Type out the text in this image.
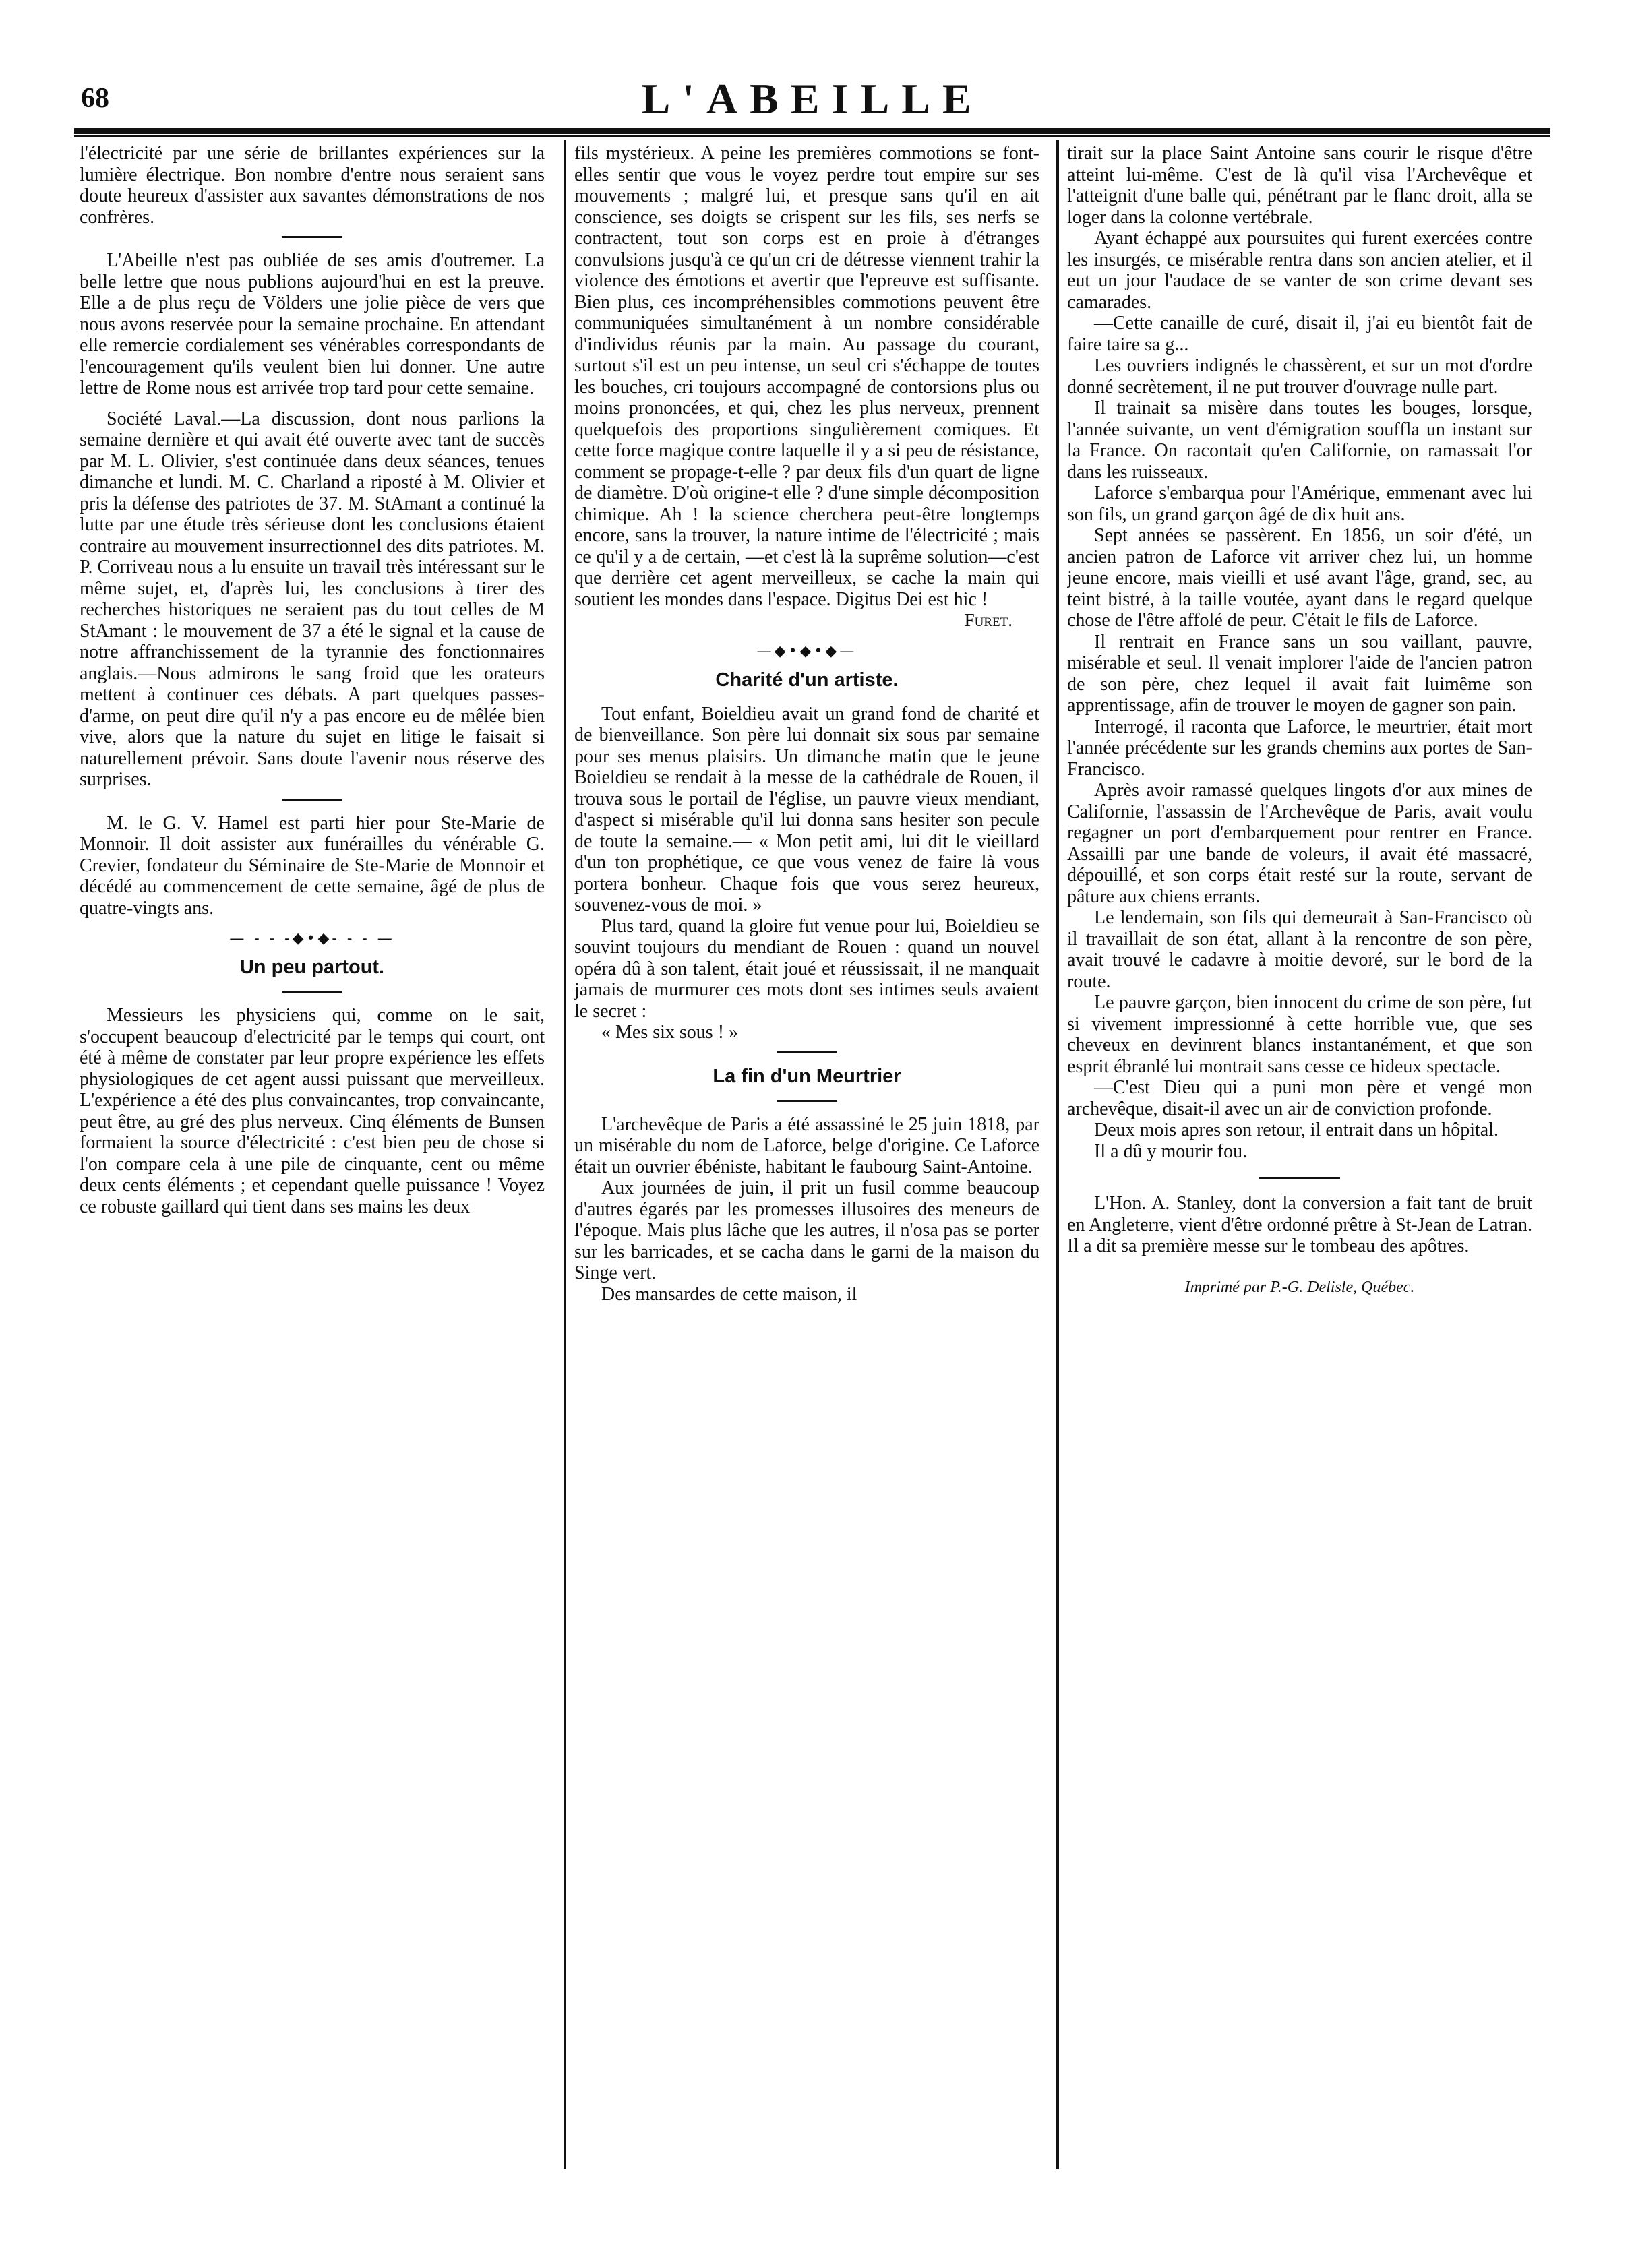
68	L'ABEILLE

l'électricité par une série de brillantes expériences sur la lumière électrique. Bon nombre d'entre nous seraient sans doute heureux d'assister aux savantes démonstrations de nos confrères.

L'Abeille n'est pas oubliée de ses amis d'outremer. La belle lettre que nous publions aujourd'hui en est la preuve. Elle a de plus reçu de Völders une jolie pièce de vers que nous avons reservée pour la semaine prochaine. En attendant elle remercie cordialement ses vénérables correspondants de l'encouragement qu'ils veulent bien lui donner. Une autre lettre de Rome nous est arrivée trop tard pour cette semaine.

Société Laval.—La discussion, dont nous parlions la semaine dernière et qui avait été ouverte avec tant de succès par M. L. Olivier, s'est continuée dans deux séances, tenues dimanche et lundi. M. C. Charland a riposté à M. Olivier et pris la défense des patriotes de 37. M. StAmant a continué la lutte par une étude très sérieuse dont les conclusions étaient contraire au mouvement insurrectionnel des dits patriotes. M. P. Corriveau nous a lu ensuite un travail très intéressant sur le même sujet, et, d'après lui, les conclusions à tirer des recherches historiques ne seraient pas du tout celles de M StAmant : le mouvement de 37 a été le signal et la cause de notre affranchissement de la tyrannie des fonctionnaires anglais.—Nous admirons le sang froid que les orateurs mettent à continuer ces débats. A part quelques passes-d'arme, on peut dire qu'il n'y a pas encore eu de mêlée bien vive, alors que la nature du sujet en litige le faisait si naturellement prévoir. Sans doute l'avenir nous réserve des surprises.

M. le G. V. Hamel est parti hier pour Ste-Marie de Monnoir. Il doit assister aux funérailles du vénérable G. Crevier, fondateur du Séminaire de Ste-Marie de Monnoir et décédé au commencement de cette semaine, âgé de plus de quatre-vingts ans.

— - - -◆•◆- - - —
Un peu partout.

Messieurs les physiciens qui, comme on le sait, s'occupent beaucoup d'electricité par le temps qui court, ont été à même de constater par leur propre expérience les effets physiologiques de cet agent aussi puissant que merveilleux. L'expérience a été des plus convaincantes, trop convaincante, peut être, au gré des plus nerveux. Cinq éléments de Bunsen formaient la source d'électricité : c'est bien peu de chose si l'on compare cela à une pile de cinquante, cent ou même deux cents éléments ; et cependant quelle puissance ! Voyez ce robuste gaillard qui tient dans ses mains les deux

fils mystérieux. A peine les premières commotions se font-elles sentir que vous le voyez perdre tout empire sur ses mouvements ; malgré lui, et presque sans qu'il en ait conscience, ses doigts se crispent sur les fils, ses nerfs se contractent, tout son corps est en proie à d'étranges convulsions jusqu'à ce qu'un cri de détresse viennent trahir la violence des émotions et avertir que l'epreuve est suffisante. Bien plus, ces incompréhensibles commotions peuvent être communiquées simultanément à un nombre considérable d'individus réunis par la main. Au passage du courant, surtout s'il est un peu intense, un seul cri s'échappe de toutes les bouches, cri toujours accompagné de contorsions plus ou moins prononcées, et qui, chez les plus nerveux, prennent quelquefois des proportions singulièrement comiques. Et cette force magique contre laquelle il y a si peu de résistance, comment se propage-t-elle ? par deux fils d'un quart de ligne de diamètre. D'où origine-t elle ? d'une simple décomposition chimique. Ah ! la science cherchera peut-être longtemps encore, sans la trouver, la nature intime de l'électricité ; mais ce qu'il y a de certain, —et c'est là la suprême solution—c'est que derrière cet agent merveilleux, se cache la main qui soutient les mondes dans l'espace. Digitus Dei est hic !

Furet.

—◆•◆•◆—
Charité d'un artiste.

Tout enfant, Boieldieu avait un grand fond de charité et de bienveillance. Son père lui donnait six sous par semaine pour ses menus plaisirs. Un dimanche matin que le jeune Boieldieu se rendait à la messe de la cathédrale de Rouen, il trouva sous le portail de l'église, un pauvre vieux mendiant, d'aspect si misérable qu'il lui donna sans hesiter son pecule de toute la semaine.— « Mon petit ami, lui dit le vieillard d'un ton prophétique, ce que vous venez de faire là vous portera bonheur. Chaque fois que vous serez heureux, souvenez-vous de moi. »

Plus tard, quand la gloire fut venue pour lui, Boieldieu se souvint toujours du mendiant de Rouen : quand un nouvel opéra dû à son talent, était joué et réussissait, il ne manquait jamais de murmurer ces mots dont ses intimes seuls avaient le secret :

« Mes six sous ! »

La fin d'un Meurtrier

L'archevêque de Paris a été assassiné le 25 juin 1818, par un misérable du nom de Laforce, belge d'origine. Ce Laforce était un ouvrier ébéniste, habitant le faubourg Saint-Antoine.

Aux journées de juin, il prit un fusil comme beaucoup d'autres égarés par les promesses illusoires des meneurs de l'époque. Mais plus lâche que les autres, il n'osa pas se porter sur les barricades, et se cacha dans le garni de la maison du Singe vert.

Des mansardes de cette maison, il

tirait sur la place Saint Antoine sans courir le risque d'être atteint lui-même. C'est de là qu'il visa l'Archevêque et l'atteignit d'une balle qui, pénétrant par le flanc droit, alla se loger dans la colonne vertébrale.

Ayant échappé aux poursuites qui furent exercées contre les insurgés, ce misérable rentra dans son ancien atelier, et il eut un jour l'audace de se vanter de son crime devant ses camarades.

—Cette canaille de curé, disait il, j'ai eu bientôt fait de faire taire sa g...

Les ouvriers indignés le chassèrent, et sur un mot d'ordre donné secrètement, il ne put trouver d'ouvrage nulle part.

Il trainait sa misère dans toutes les bouges, lorsque, l'année suivante, un vent d'émigration souffla un instant sur la France. On racontait qu'en Californie, on ramassait l'or dans les ruisseaux.

Laforce s'embarqua pour l'Amérique, emmenant avec lui son fils, un grand garçon âgé de dix huit ans.

Sept années se passèrent. En 1856, un soir d'été, un ancien patron de Laforce vit arriver chez lui, un homme jeune encore, mais vieilli et usé avant l'âge, grand, sec, au teint bistré, à la taille voutée, ayant dans le regard quelque chose de l'être affolé de peur. C'était le fils de Laforce.

Il rentrait en France sans un sou vaillant, pauvre, misérable et seul. Il venait implorer l'aide de l'ancien patron de son père, chez lequel il avait fait luimême son apprentissage, afin de trouver le moyen de gagner son pain.

Interrogé, il raconta que Laforce, le meurtrier, était mort l'année précédente sur les grands chemins aux portes de San-Francisco.

Après avoir ramassé quelques lingots d'or aux mines de Californie, l'assassin de l'Archevêque de Paris, avait voulu regagner un port d'embarquement pour rentrer en France. Assailli par une bande de voleurs, il avait été massacré, dépouillé, et son corps était resté sur la route, servant de pâture aux chiens errants.

Le lendemain, son fils qui demeurait à San-Francisco où il travaillait de son état, allant à la rencontre de son père, avait trouvé le cadavre à moitie devoré, sur le bord de la route.

Le pauvre garçon, bien innocent du crime de son père, fut si vivement impressionné à cette horrible vue, que ses cheveux en devinrent blancs instantanément, et que son esprit ébranlé lui montrait sans cesse ce hideux spectacle.

—C'est Dieu qui a puni mon père et vengé mon archevêque, disait-il avec un air de conviction profonde.

Deux mois apres son retour, il entrait dans un hôpital.

Il a dû y mourir fou.

L'Hon. A. Stanley, dont la conversion a fait tant de bruit en Angleterre, vient d'être ordonné prêtre à St-Jean de Latran. Il a dit sa première messe sur le tombeau des apôtres.

Imprimé par P.-G. Delisle, Québec.
